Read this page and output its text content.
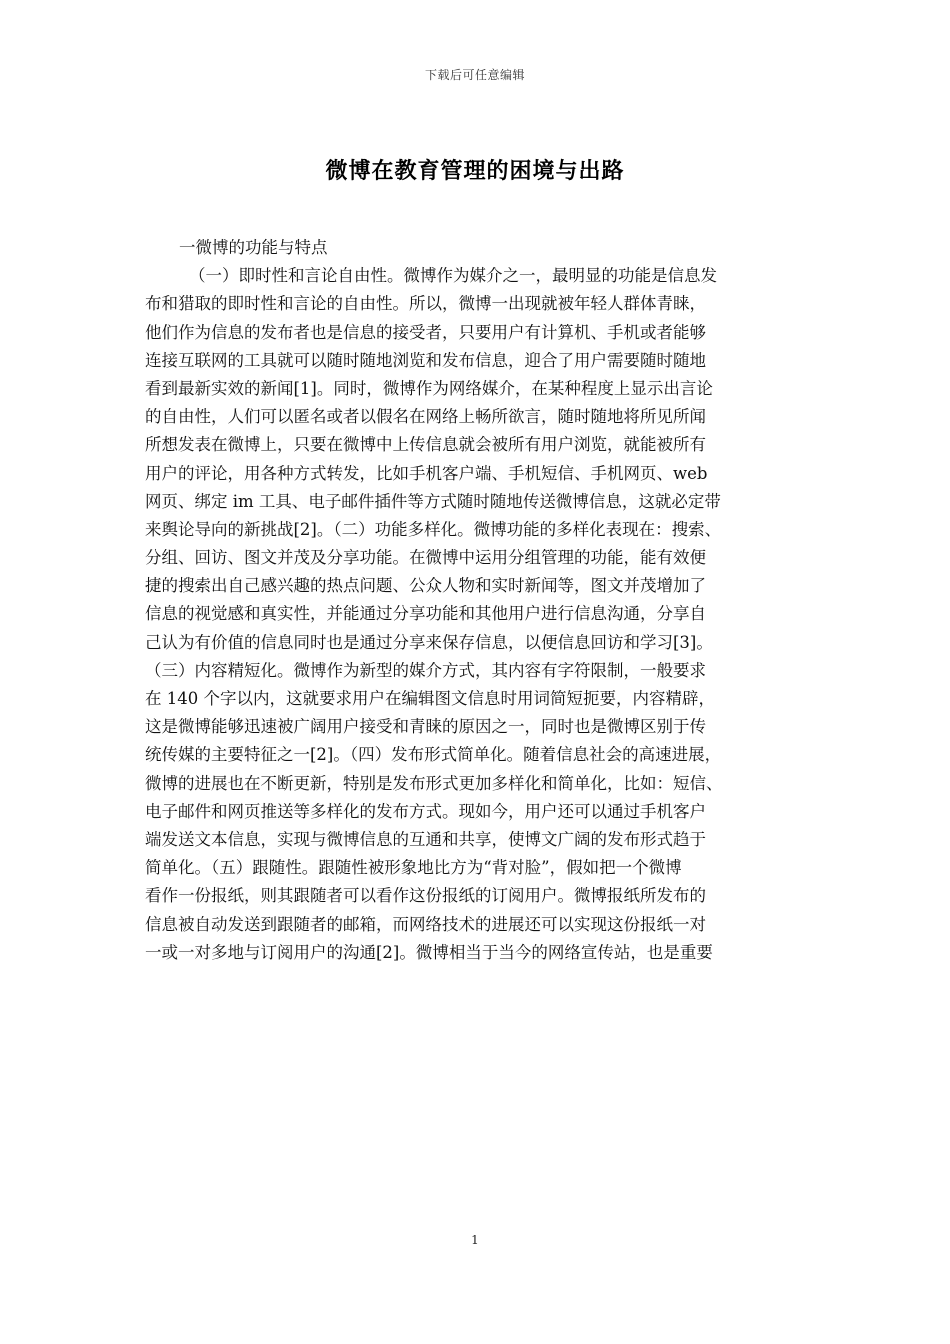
下载后可任意编辑
微博在教育管理的困境与出路
一微博的功能与特点
（一）即时性和言论自由性。微博作为媒介之一，最明显的功能是信息发
布和猎取的即时性和言论的自由性。所以，微博一出现就被年轻人群体青睐，
他们作为信息的发布者也是信息的接受者，只要用户有计算机、手机或者能够
连接互联网的工具就可以随时随地浏览和发布信息，迎合了用户需要随时随地
看到最新实效的新闻[1]。同时，微博作为网络媒介，在某种程度上显示出言论
的自由性，人们可以匿名或者以假名在网络上畅所欲言，随时随地将所见所闻
所想发表在微博上，只要在微博中上传信息就会被所有用户浏览，就能被所有
用户的评论，用各种方式转发，比如手机客户端、手机短信、手机网页、web
网页、绑定 im 工具、电子邮件插件等方式随时随地传送微博信息，这就必定带
来舆论导向的新挑战[2]。（二）功能多样化。微博功能的多样化表现在：搜索、
分组、回访、图文并茂及分享功能。在微博中运用分组管理的功能，能有效便
捷的搜索出自己感兴趣的热点问题、公众人物和实时新闻等，图文并茂增加了
信息的视觉感和真实性，并能通过分享功能和其他用户进行信息沟通，分享自
己认为有价值的信息同时也是通过分享来保存信息，以便信息回访和学习[3]。
（三）内容精短化。微博作为新型的媒介方式，其内容有字符限制，一般要求
在 140 个字以内，这就要求用户在编辑图文信息时用词简短扼要，内容精辟，
这是微博能够迅速被广阔用户接受和青睐的原因之一，同时也是微博区别于传
统传媒的主要特征之一[2]。（四）发布形式简单化。随着信息社会的高速进展，
微博的进展也在不断更新，特别是发布形式更加多样化和简单化，比如：短信、
电子邮件和网页推送等多样化的发布方式。现如今，用户还可以通过手机客户
端发送文本信息，实现与微博信息的互通和共享，使博文广阔的发布形式趋于
简单化。（五）跟随性。跟随性被形象地比方为“背对脸”，假如把一个微博
看作一份报纸，则其跟随者可以看作这份报纸的订阅用户。微博报纸所发布的
信息被自动发送到跟随者的邮箱，而网络技术的进展还可以实现这份报纸一对
一或一对多地与订阅用户的沟通[2]。微博相当于当今的网络宣传站，也是重要
1
